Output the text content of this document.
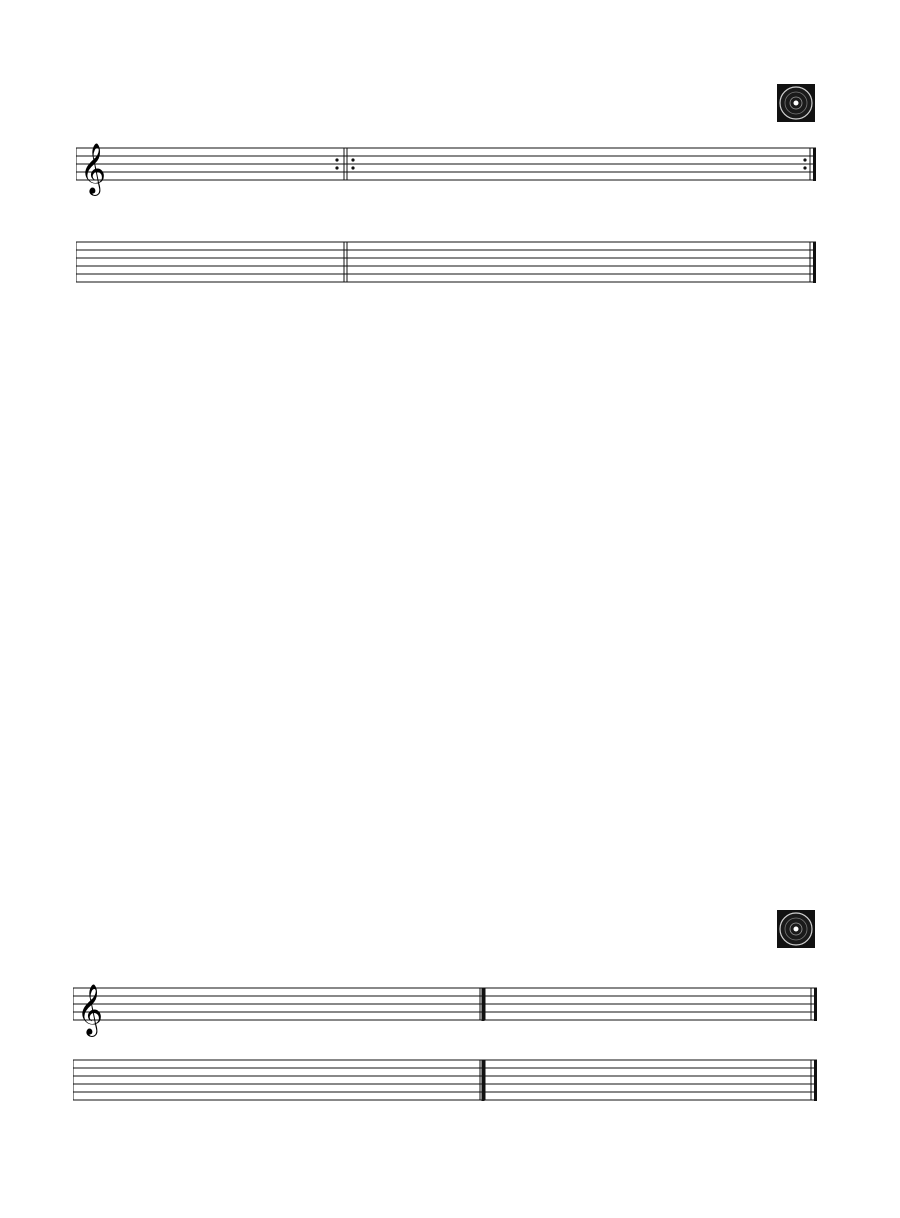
𝄞

𝄞
